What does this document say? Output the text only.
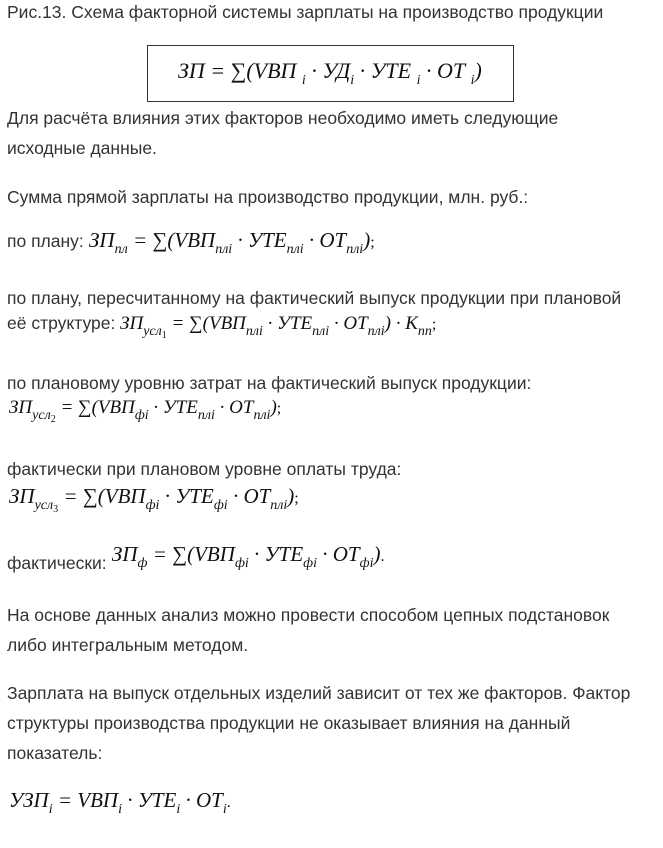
Рис.13. Схема факторной системы зарплаты на производство продукции

ЗП = ∑(VВП $_i \cdot УД_i$ · УТЕ $_i$ · ОТ $_i$)

Для расчёта влияния этих факторов необходимо иметь следующие

исходные данные.

Сумма прямой зарплаты на производство продукции, млн. руб.:

по плану: $ЗП_{пл} = \sum(VВП_{плi} \cdot УТЕ_{плi} \cdot ОТ_{плi})$;

по плану, пересчитанному на фактический выпуск продукции при плановой

её структуре: $ЗП_{усл_1} = \sum(VВП_{плi} \cdot УТЕ_{плi} \cdot ОТ_{плi}) \cdot К_{пп}$;

по плановому уровню затрат на фактический выпуск продукции:

$ЗП_{усл_2} = \sum(VВП_{фi} \cdot УТЕ_{плi} \cdot ОТ_{плi})$;

фактически при плановом уровне оплаты труда:

$ЗП_{усл_3} = \sum(VВП_{фi} \cdot УТЕ_{фi} \cdot ОТ_{плi})$;
фактически: $ЗП_ф = \sum(VВП_{фi} \cdot УТЕ_{фi} \cdot ОТ_{фi})$.

На основе данных анализ можно провести способом цепных подстановок

либо интегральным методом.

Зарплата на выпуск отдельных изделий зависит от тех же факторов. Фактор

структуры производства продукции не оказывает влияния на данный

показатель:

$УЗП_i = VВП_i \cdot УТЕ_i \cdot ОТ_i$.
